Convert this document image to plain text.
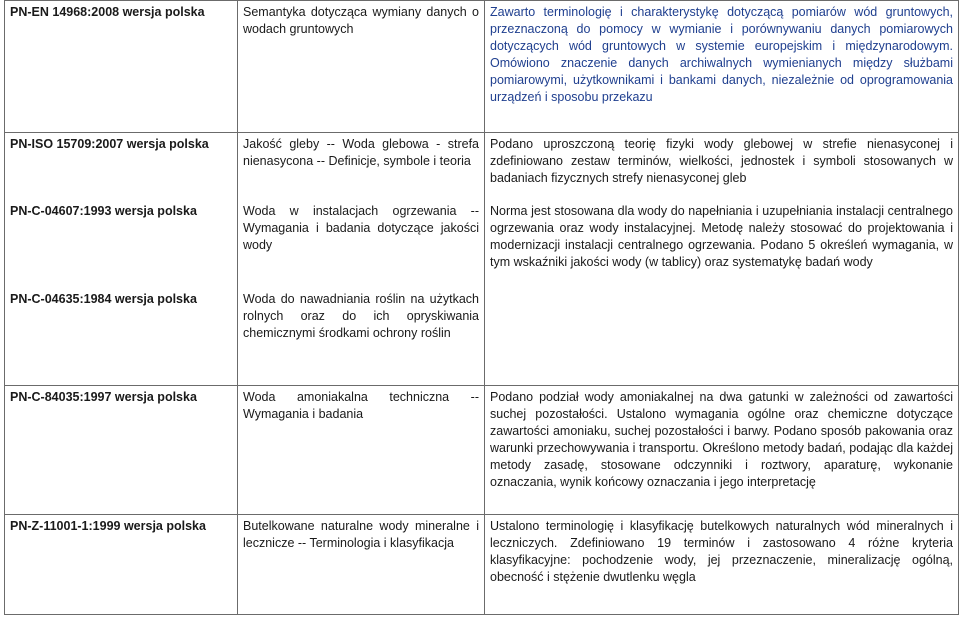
PN-EN 14968:2008 wersja polska	Semantyka dotycząca wymiany danych o wodach gruntowych	Zawarto terminologię i charakterystykę dotyczącą pomiarów wód gruntowych, przeznaczoną do pomocy w wymianie i porównywaniu danych pomiarowych dotyczących wód gruntowych w systemie europejskim i międzynarodowym. Omówiono znaczenie danych archiwalnych wymienianych między służbami pomiarowymi, użytkownikami i bankami danych, niezależnie od oprogramowania urządzeń i sposobu przekazu
PN-ISO 15709:2007 wersja polska	Jakość gleby -- Woda glebowa - strefa nienasycona -- Definicje, symbole i teoria	Podano uproszczoną teorię fizyki wody glebowej w strefie nienasyconej i zdefiniowano zestaw terminów, wielkości, jednostek i symboli stosowanych w badaniach fizycznych strefy nienasyconej gleb
PN-C-04607:1993 wersja polska	Woda w instalacjach ogrzewania -- Wymagania i badania dotyczące jakości wody	Norma jest stosowana dla wody do napełniania i uzupełniania instalacji centralnego ogrzewania oraz wody instalacyjnej. Metodę należy stosować do projektowania i modernizacji instalacji centralnego ogrzewania. Podano 5 określeń wymagania, w tym wskaźniki jakości wody (w tablicy) oraz systematykę badań wody
PN-C-04635:1984 wersja polska	Woda do nawadniania roślin na użytkach rolnych oraz do ich opryskiwania chemicznymi środkami ochrony roślin	
PN-C-84035:1997 wersja polska	Woda amoniakalna techniczna -- Wymagania i badania	Podano podział wody amoniakalnej na dwa gatunki w zależności od zawartości suchej pozostałości. Ustalono wymagania ogólne oraz chemiczne dotyczące zawartości amoniaku, suchej pozostałości i barwy. Podano sposób pakowania oraz warunki przechowywania i transportu. Określono metody badań, podając dla każdej metody zasadę, stosowane odczynniki i roztwory, aparaturę, wykonanie oznaczania, wynik końcowy oznaczania i jego interpretację
PN-Z-11001-1:1999 wersja polska	Butelkowane naturalne wody mineralne i lecznicze -- Terminologia i klasyfikacja	Ustalono terminologię i klasyfikację butelkowych naturalnych wód mineralnych i leczniczych. Zdefiniowano 19 terminów i zastosowano 4 różne kryteria klasyfikacyjne: pochodzenie wody, jej przeznaczenie, mineralizację ogólną, obecność i stężenie dwutlenku węgla
